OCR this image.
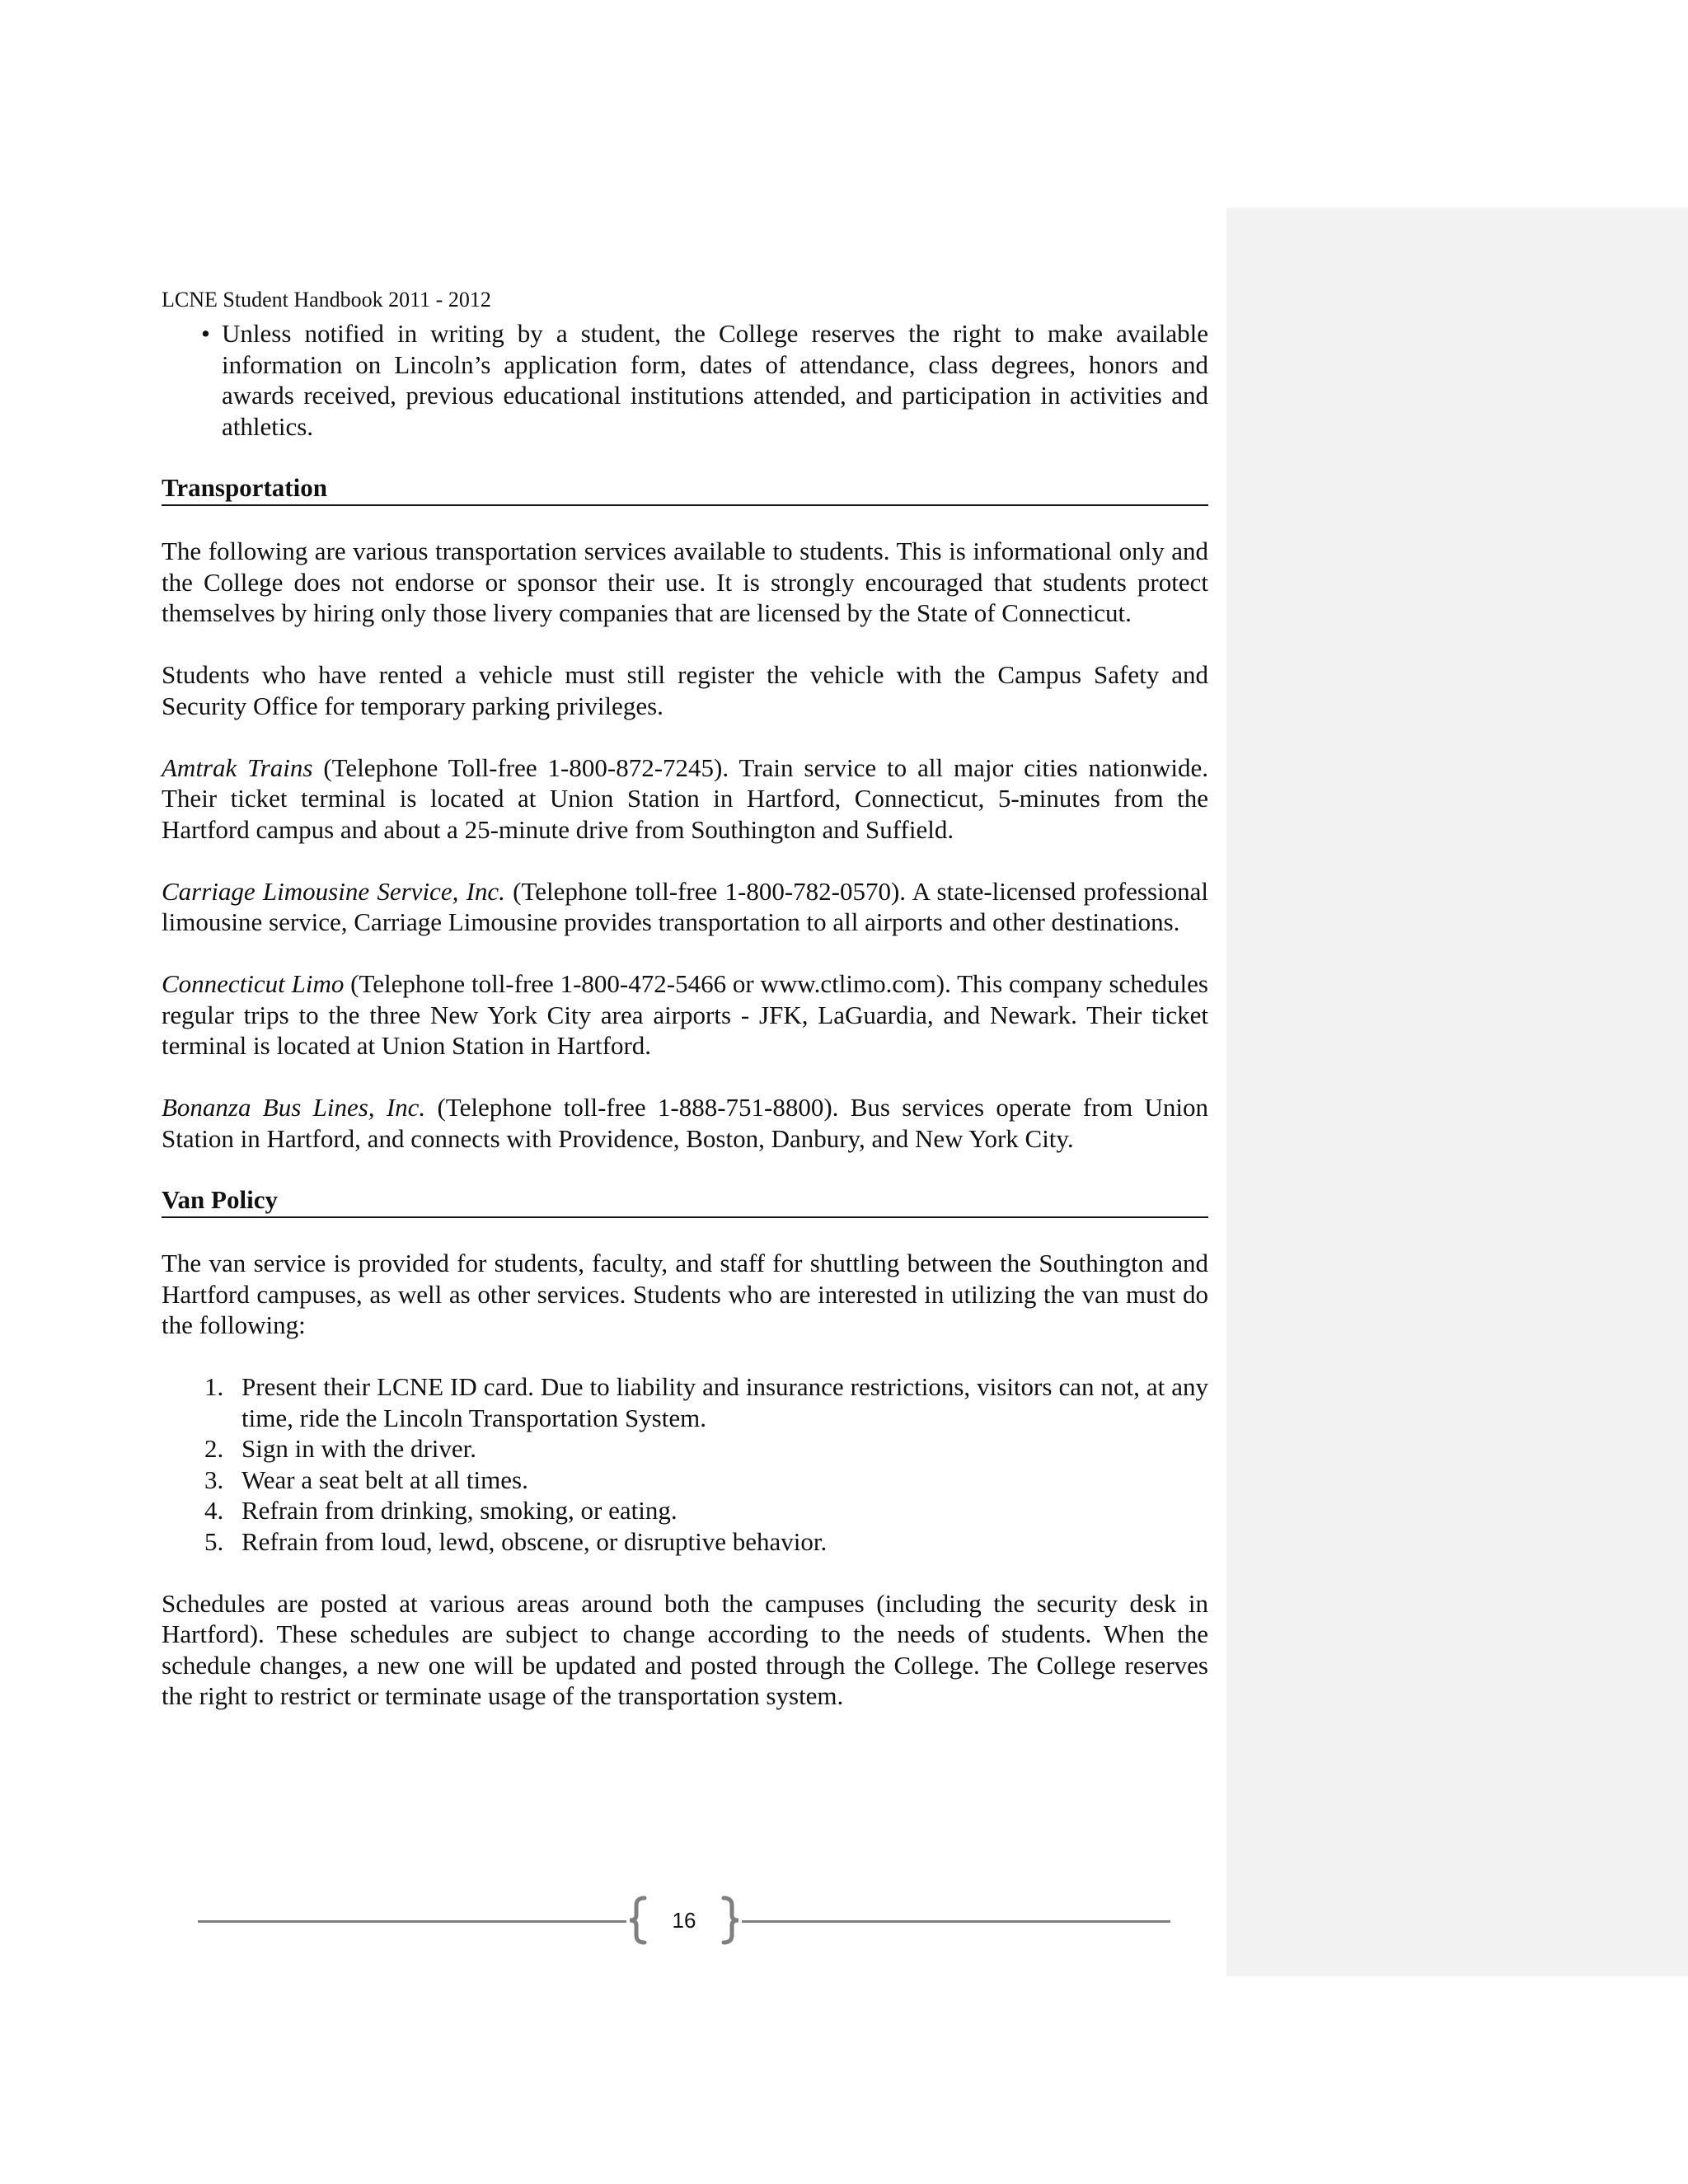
LCNE Student Handbook 2011 - 2012
• Unless notified in writing by a student, the College reserves the right to make available information on Lincoln’s application form, dates of attendance, class degrees, honors and awards received, previous educational institutions attended, and participation in activities and athletics.
Transportation

The following are various transportation services available to students. This is informational only and the College does not endorse or sponsor their use. It is strongly encouraged that students protect themselves by hiring only those livery companies that are licensed by the State of Connecticut.

Students who have rented a vehicle must still register the vehicle with the Campus Safety and Security Office for temporary parking privileges.

Amtrak Trains (Telephone Toll-free 1-800-872-7245). Train service to all major cities nationwide. Their ticket terminal is located at Union Station in Hartford, Connecticut, 5-minutes from the Hartford campus and about a 25-minute drive from Southington and Suffield.

Carriage Limousine Service, Inc. (Telephone toll-free 1-800-782-0570). A state-licensed professional limousine service, Carriage Limousine provides transportation to all airports and other destinations.

Connecticut Limo (Telephone toll-free 1-800-472-5466 or www.ctlimo.com). This company schedules regular trips to the three New York City area airports - JFK, LaGuardia, and Newark. Their ticket terminal is located at Union Station in Hartford.

Bonanza Bus Lines, Inc. (Telephone toll-free 1-888-751-8800). Bus services operate from Union Station in Hartford, and connects with Providence, Boston, Danbury, and New York City.

Van Policy

The van service is provided for students, faculty, and staff for shuttling between the Southington and Hartford campuses, as well as other services. Students who are interested in utilizing the van must do the following:

1. Present their LCNE ID card. Due to liability and insurance restrictions, visitors can not, at any time, ride the Lincoln Transportation System.
2. Sign in with the driver.
3. Wear a seat belt at all times.
4. Refrain from drinking, smoking, or eating.
5. Refrain from loud, lewd, obscene, or disruptive behavior.

Schedules are posted at various areas around both the campuses (including the security desk in Hartford). These schedules are subject to change according to the needs of students. When the schedule changes, a new one will be updated and posted through the College. The College reserves the right to restrict or terminate usage of the transportation system.

16
